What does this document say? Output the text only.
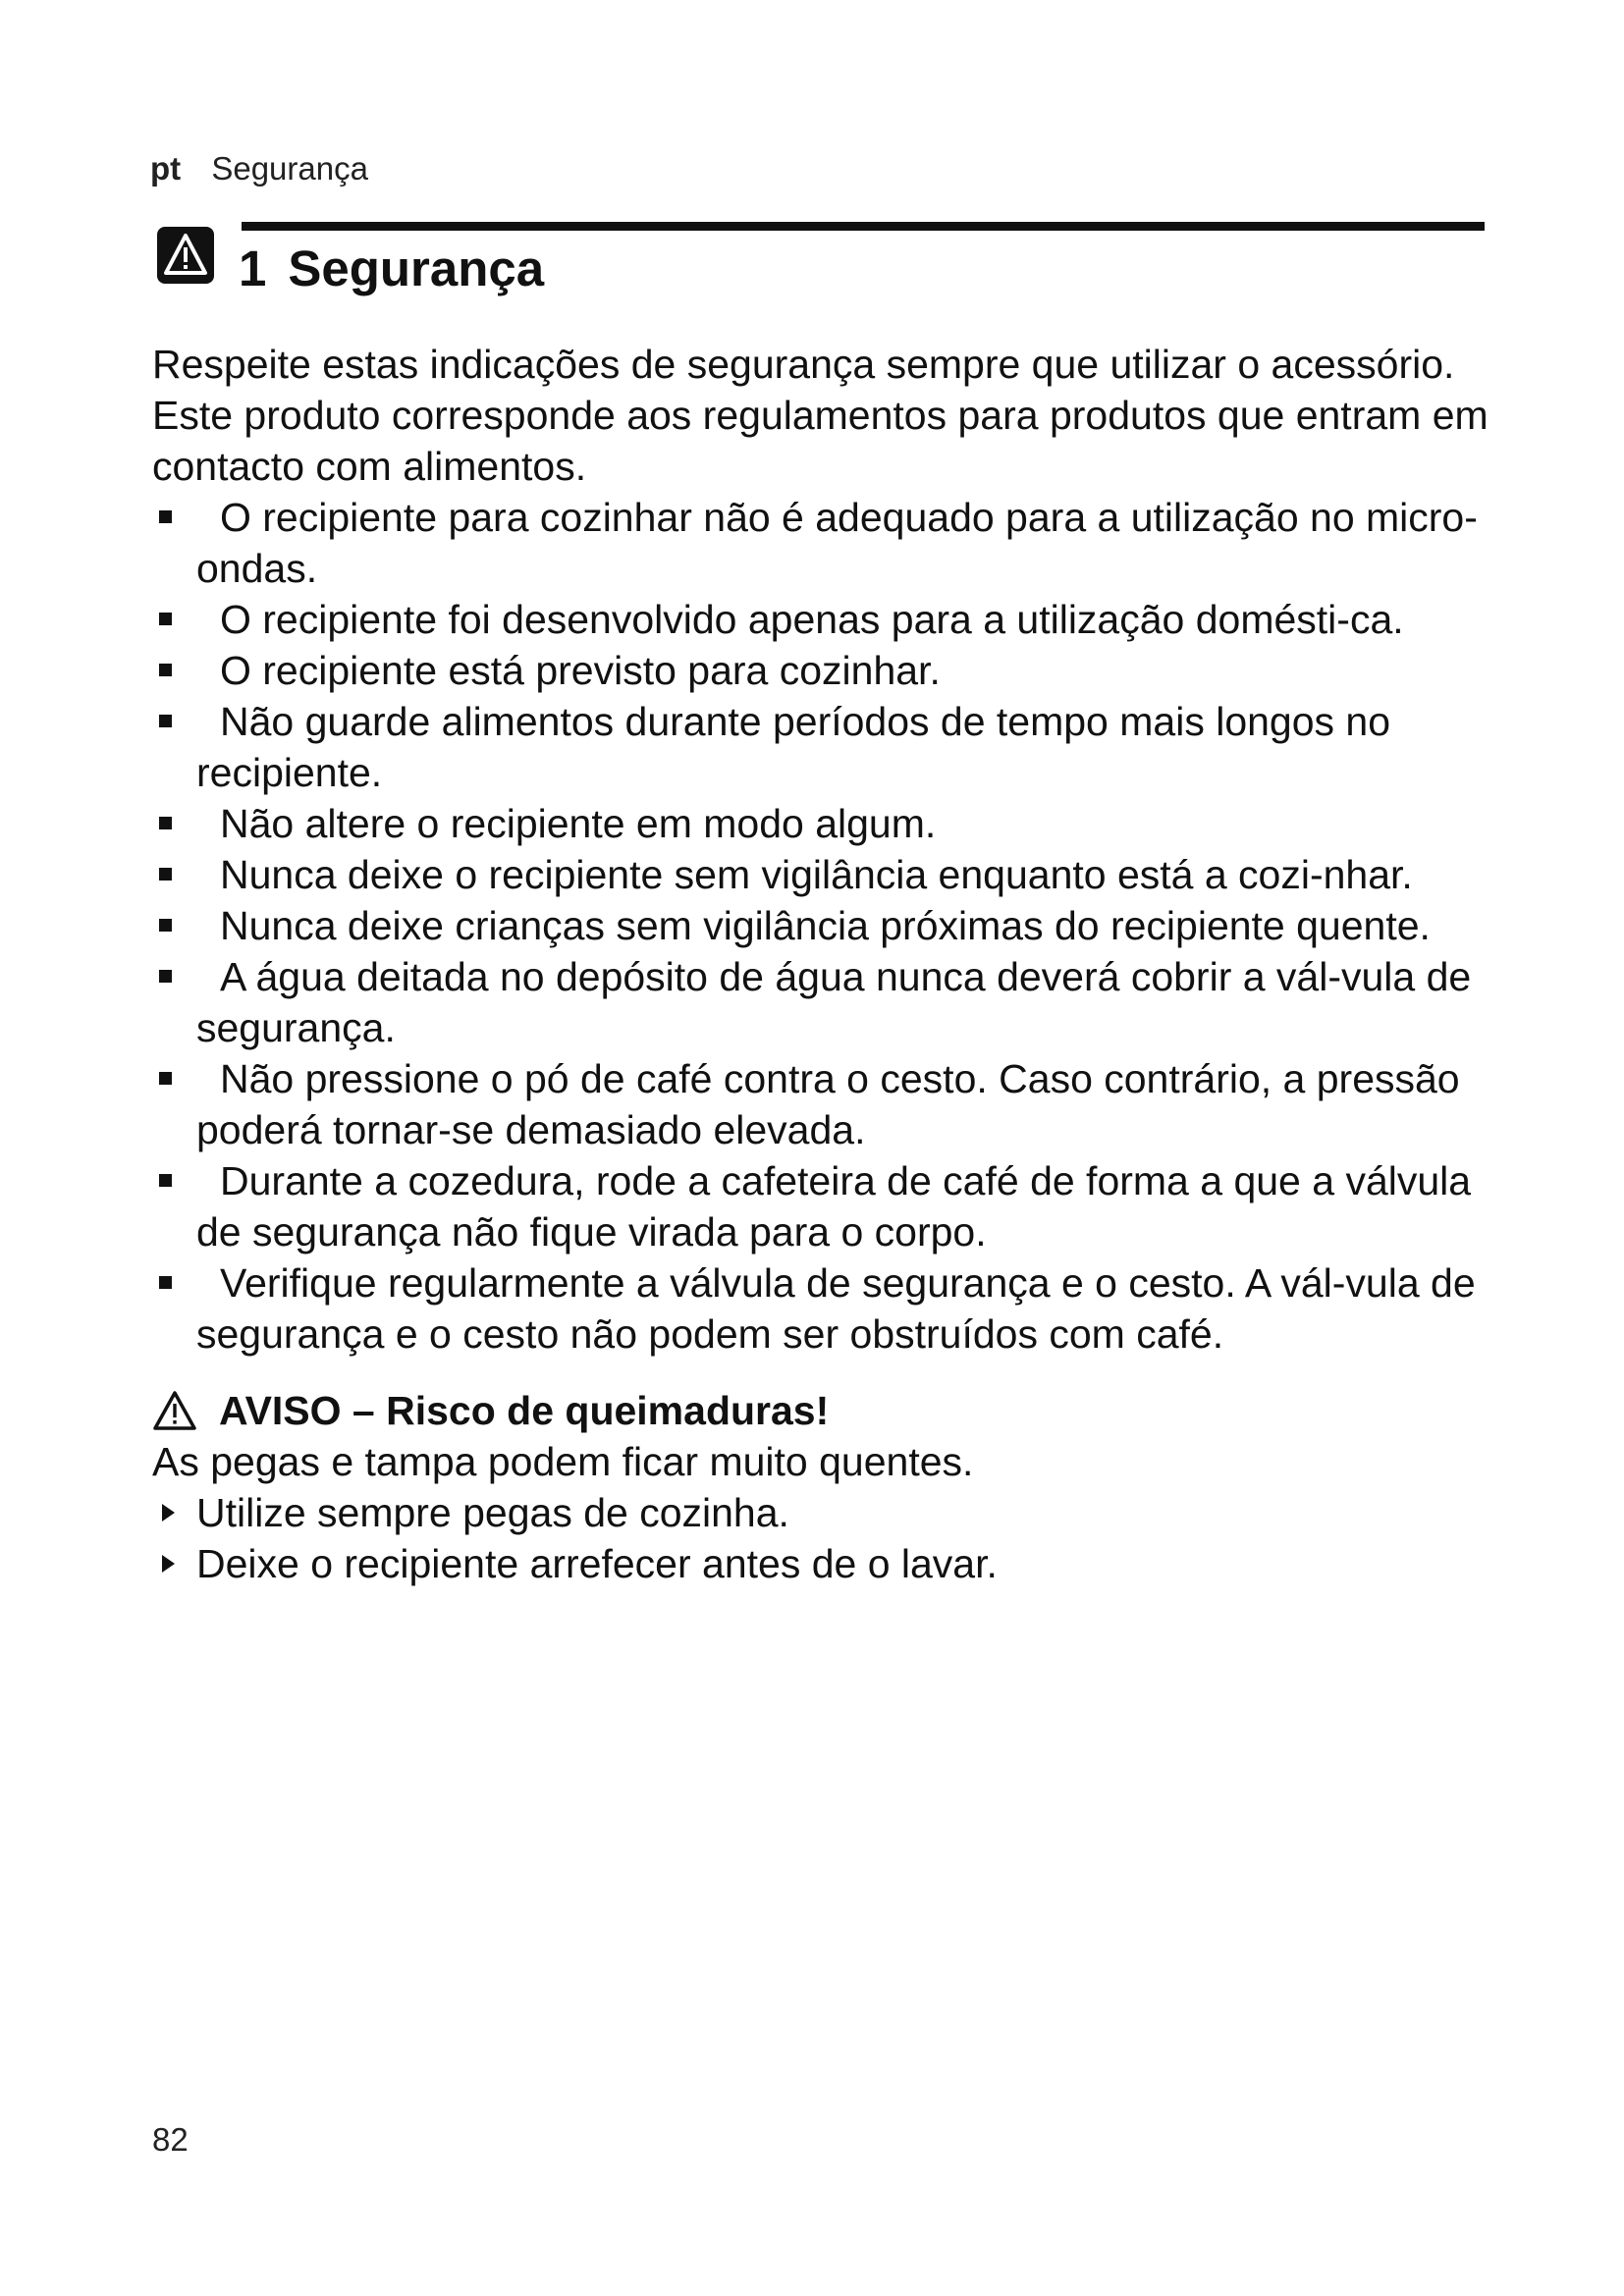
pt Segurança
1 Segurança

Respeite estas indicações de segurança sempre que utilizar o acessório.

Este produto corresponde aos regulamentos para produtos que entram em contacto com alimentos.

O recipiente para cozinhar não é adequado para a utilização no micro-ondas.
O recipiente foi desenvolvido apenas para a utilização domésti-ca.
O recipiente está previsto para cozinhar.
Não guarde alimentos durante períodos de tempo mais longos no recipiente.
Não altere o recipiente em modo algum.
Nunca deixe o recipiente sem vigilância enquanto está a cozi-nhar.
Nunca deixe crianças sem vigilância próximas do recipiente quente.
A água deitada no depósito de água nunca deverá cobrir a vál-vula de segurança.
Não pressione o pó de café contra o cesto. Caso contrário, a pressão poderá tornar-se demasiado elevada.
Durante a cozedura, rode a cafeteira de café de forma a que a válvula de segurança não fique virada para o corpo.
Verifique regularmente a válvula de segurança e o cesto. A vál-vula de segurança e o cesto não podem ser obstruídos com café.
AVISO – Risco de queimaduras!

As pegas e tampa podem ficar muito quentes.

Utilize sempre pegas de cozinha.
Deixe o recipiente arrefecer antes de o lavar.
82
